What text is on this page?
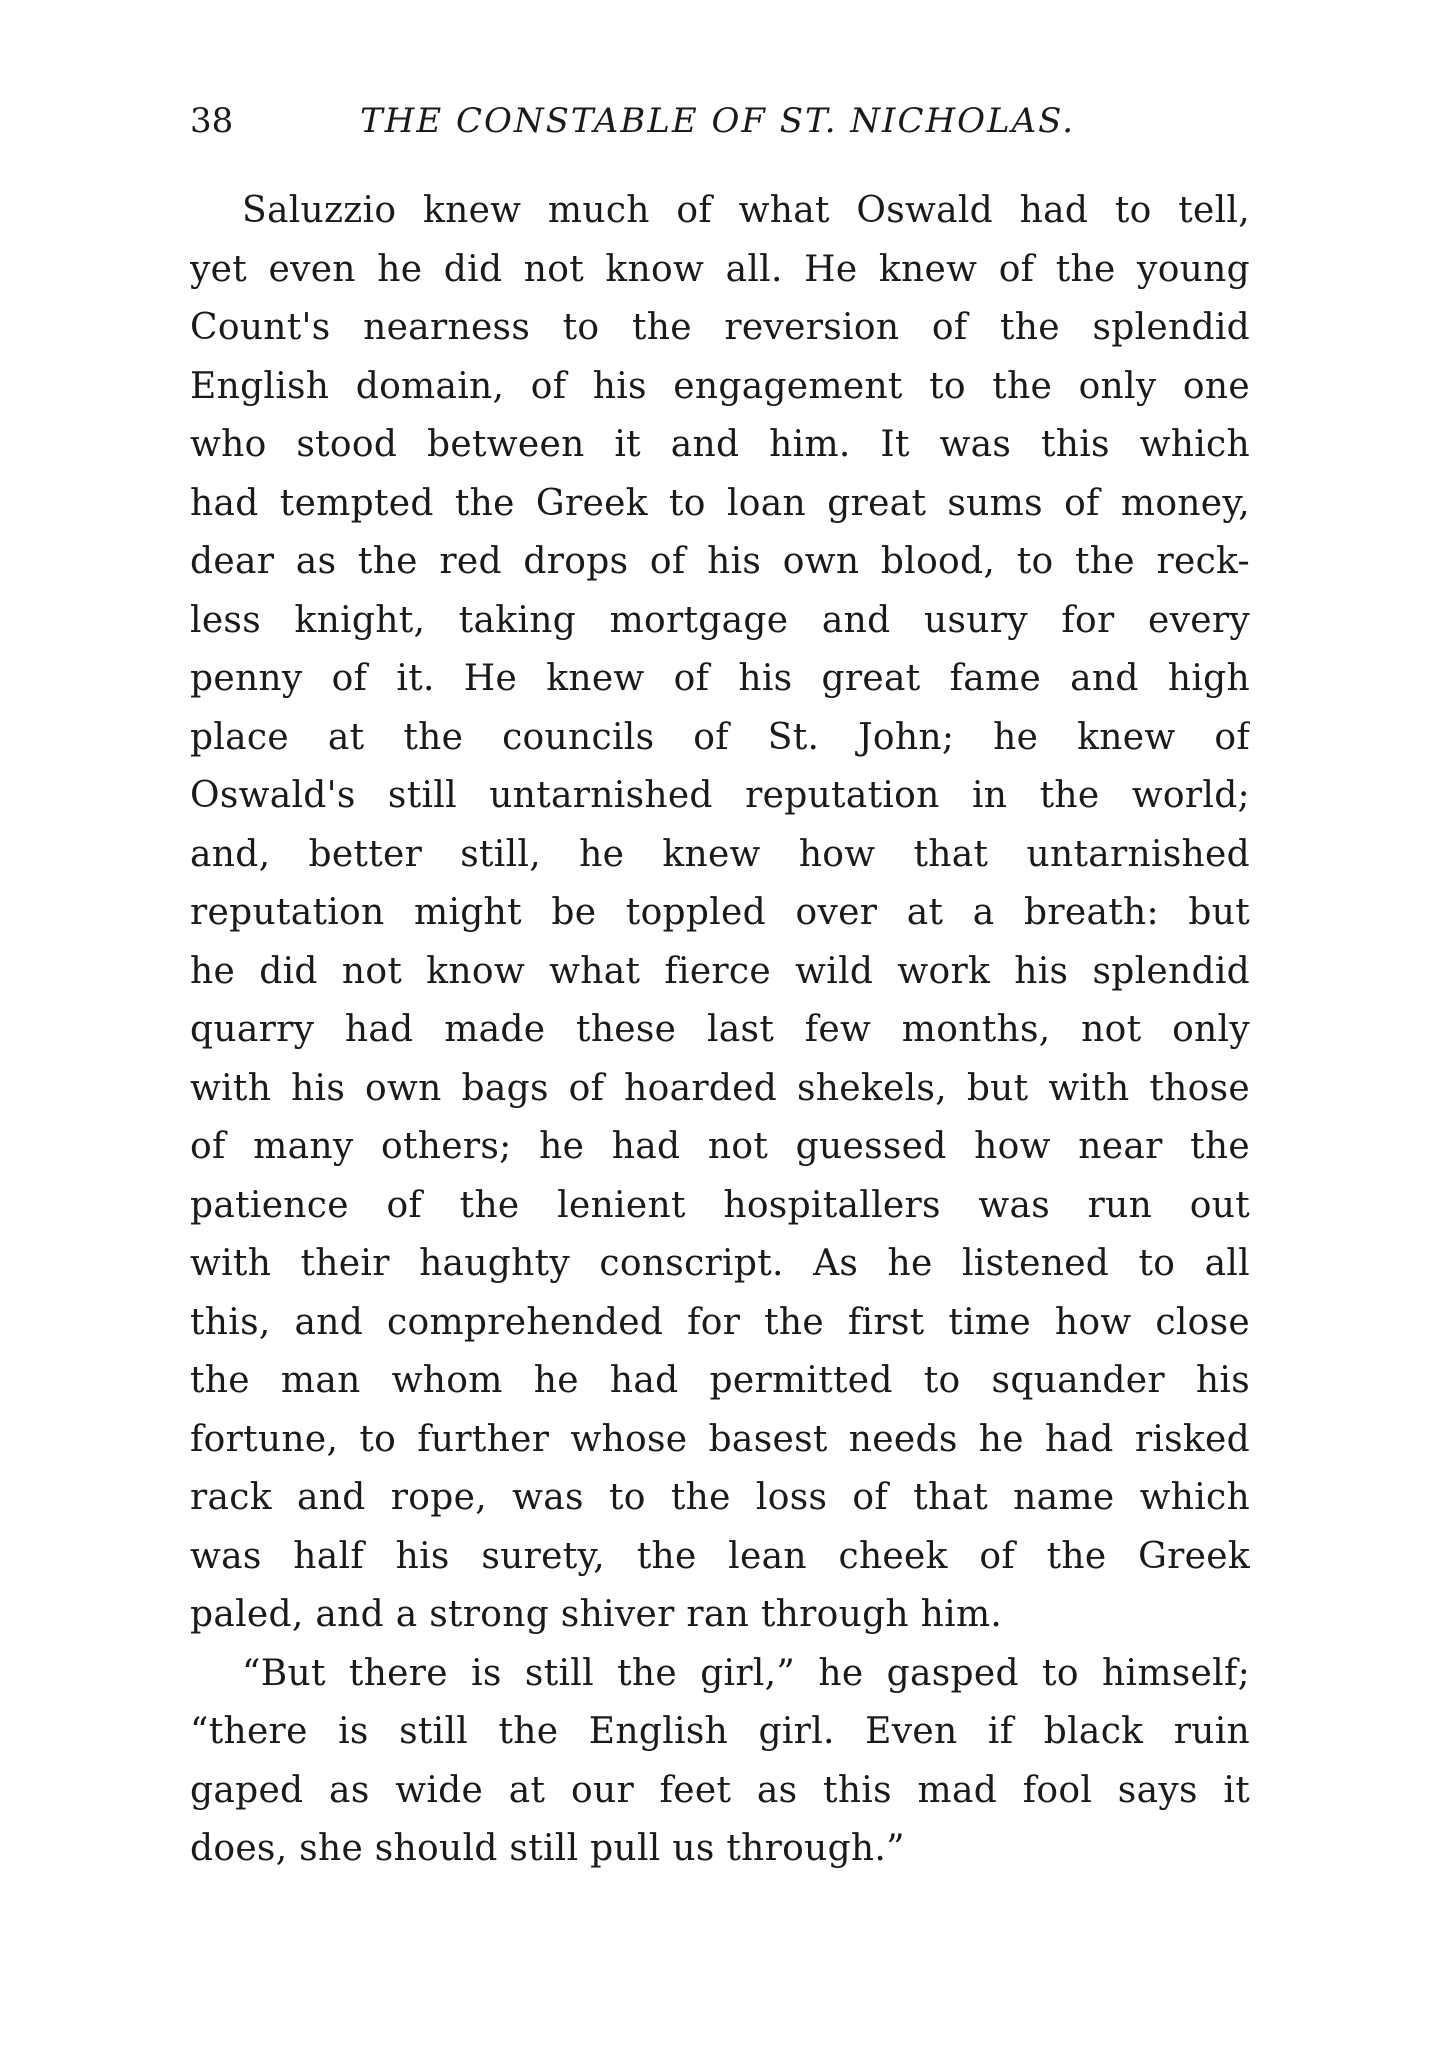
38	THE CONSTABLE OF ST. NICHOLAS.
Saluzzio knew much of what Oswald had to tell,
yet even he did not know all. He knew of the young
Count's nearness to the reversion of the splendid
English domain, of his engagement to the only one
who stood between it and him. It was this which
had tempted the Greek to loan great sums of money,
dear as the red drops of his own blood, to the reck-
less knight, taking mortgage and usury for every
penny of it. He knew of his great fame and high
place at the councils of St. John; he knew of
Oswald's still untarnished reputation in the world;
and, better still, he knew how that untarnished
reputation might be toppled over at a breath: but
he did not know what fierce wild work his splendid
quarry had made these last few months, not only
with his own bags of hoarded shekels, but with those
of many others; he had not guessed how near the
patience of the lenient hospitallers was run out
with their haughty conscript. As he listened to all
this, and comprehended for the first time how close
the man whom he had permitted to squander his
fortune, to further whose basest needs he had risked
rack and rope, was to the loss of that name which
was half his surety, the lean cheek of the Greek
paled, and a strong shiver ran through him.
“But there is still the girl,” he gasped to himself;
“there is still the English girl. Even if black ruin
gaped as wide at our feet as this mad fool says it
does, she should still pull us through.”
